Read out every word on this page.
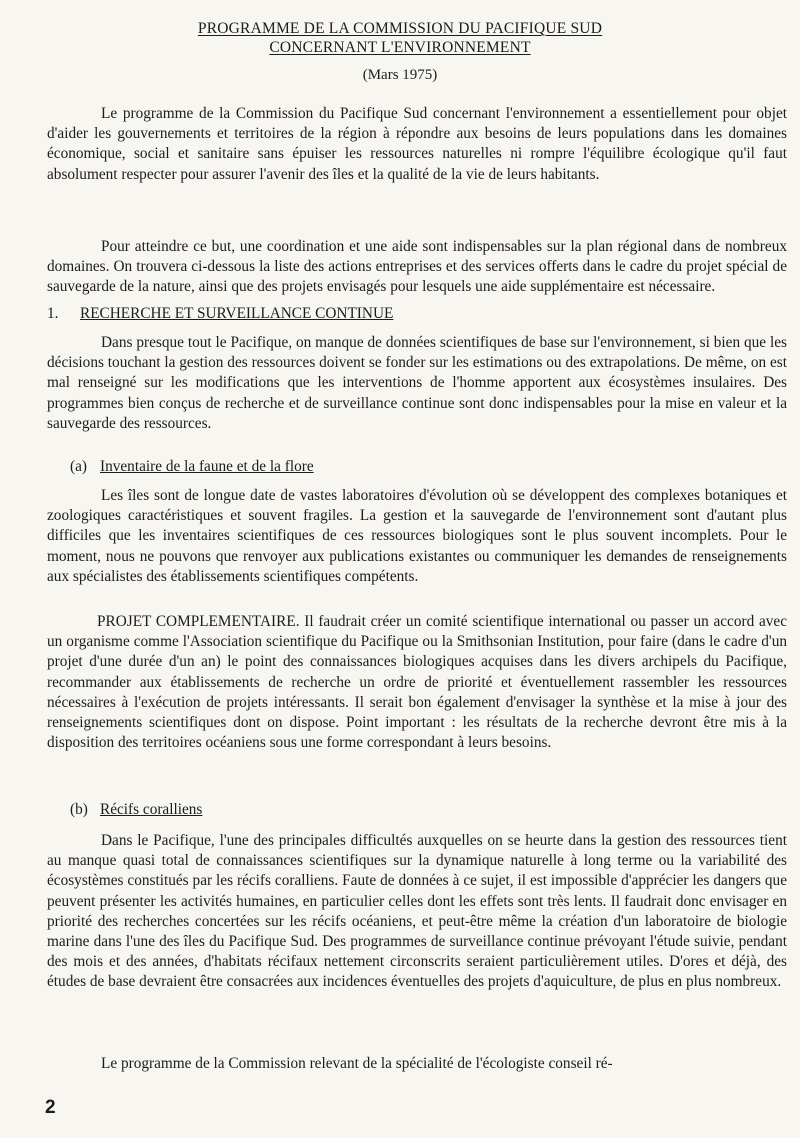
PROGRAMME DE LA COMMISSION DU PACIFIQUE SUD
CONCERNANT L'ENVIRONNEMENT
(Mars 1975)

Le programme de la Commission du Pacifique Sud concernant l'environnement a essentiellement pour objet d'aider les gouvernements et territoires de la région à répondre aux besoins de leurs populations dans les domaines économique, social et sanitaire sans épuiser les ressources naturelles ni rompre l'équilibre écologique qu'il faut absolument respecter pour assurer l'avenir des îles et la qualité de la vie de leurs habitants.

Pour atteindre ce but, une coordination et une aide sont indispensables sur la plan régional dans de nombreux domaines. On trouvera ci-dessous la liste des actions entreprises et des services offerts dans le cadre du projet spécial de sauvegarde de la nature, ainsi que des projets envisagés pour lesquels une aide supplémentaire est nécessaire.

1. RECHERCHE ET SURVEILLANCE CONTINUE

Dans presque tout le Pacifique, on manque de données scientifiques de base sur l'environnement, si bien que les décisions touchant la gestion des ressources doivent se fonder sur les estimations ou des extrapolations. De même, on est mal renseigné sur les modifications que les interventions de l'homme apportent aux écosystèmes insulaires. Des programmes bien conçus de recherche et de surveillance continue sont donc indispensables pour la mise en valeur et la sauvegarde des ressources.

(a) Inventaire de la faune et de la flore

Les îles sont de longue date de vastes laboratoires d'évolution où se développent des complexes botaniques et zoologiques caractéristiques et souvent fragiles. La gestion et la sauvegarde de l'environnement sont d'autant plus difficiles que les inventaires scientifiques de ces ressources biologiques sont le plus souvent incomplets. Pour le moment, nous ne pouvons que renvoyer aux publications existantes ou communiquer les demandes de renseignements aux spécialistes des établissements scientifiques compétents.

PROJET COMPLEMENTAIRE. Il faudrait créer un comité scientifique international ou passer un accord avec un organisme comme l'Association scientifique du Pacifique ou la Smithsonian Institution, pour faire (dans le cadre d'un projet d'une durée d'un an) le point des connaissances biologiques acquises dans les divers archipels du Pacifique, recommander aux établissements de recherche un ordre de priorité et éventuellement rassembler les ressources nécessaires à l'exécution de projets intéressants. Il serait bon également d'envisager la synthèse et la mise à jour des renseignements scientifiques dont on dispose. Point important : les résultats de la recherche devront être mis à la disposition des territoires océaniens sous une forme correspondant à leurs besoins.

(b) Récifs coralliens

Dans le Pacifique, l'une des principales difficultés auxquelles on se heurte dans la gestion des ressources tient au manque quasi total de connaissances scientifiques sur la dynamique naturelle à long terme ou la variabilité des écosystèmes constitués par les récifs coralliens. Faute de données à ce sujet, il est impossible d'apprécier les dangers que peuvent présenter les activités humaines, en particulier celles dont les effets sont très lents. Il faudrait donc envisager en priorité des recherches concertées sur les récifs océaniens, et peut-être même la création d'un laboratoire de biologie marine dans l'une des îles du Pacifique Sud. Des programmes de surveillance continue prévoyant l'étude suivie, pendant des mois et des années, d'habitats récifaux nettement circonscrits seraient particulièrement utiles. D'ores et déjà, des études de base devraient être consacrées aux incidences éventuelles des projets d'aquiculture, de plus en plus nombreux.

Le programme de la Commission relevant de la spécialité de l'écologiste conseil ré-

2
